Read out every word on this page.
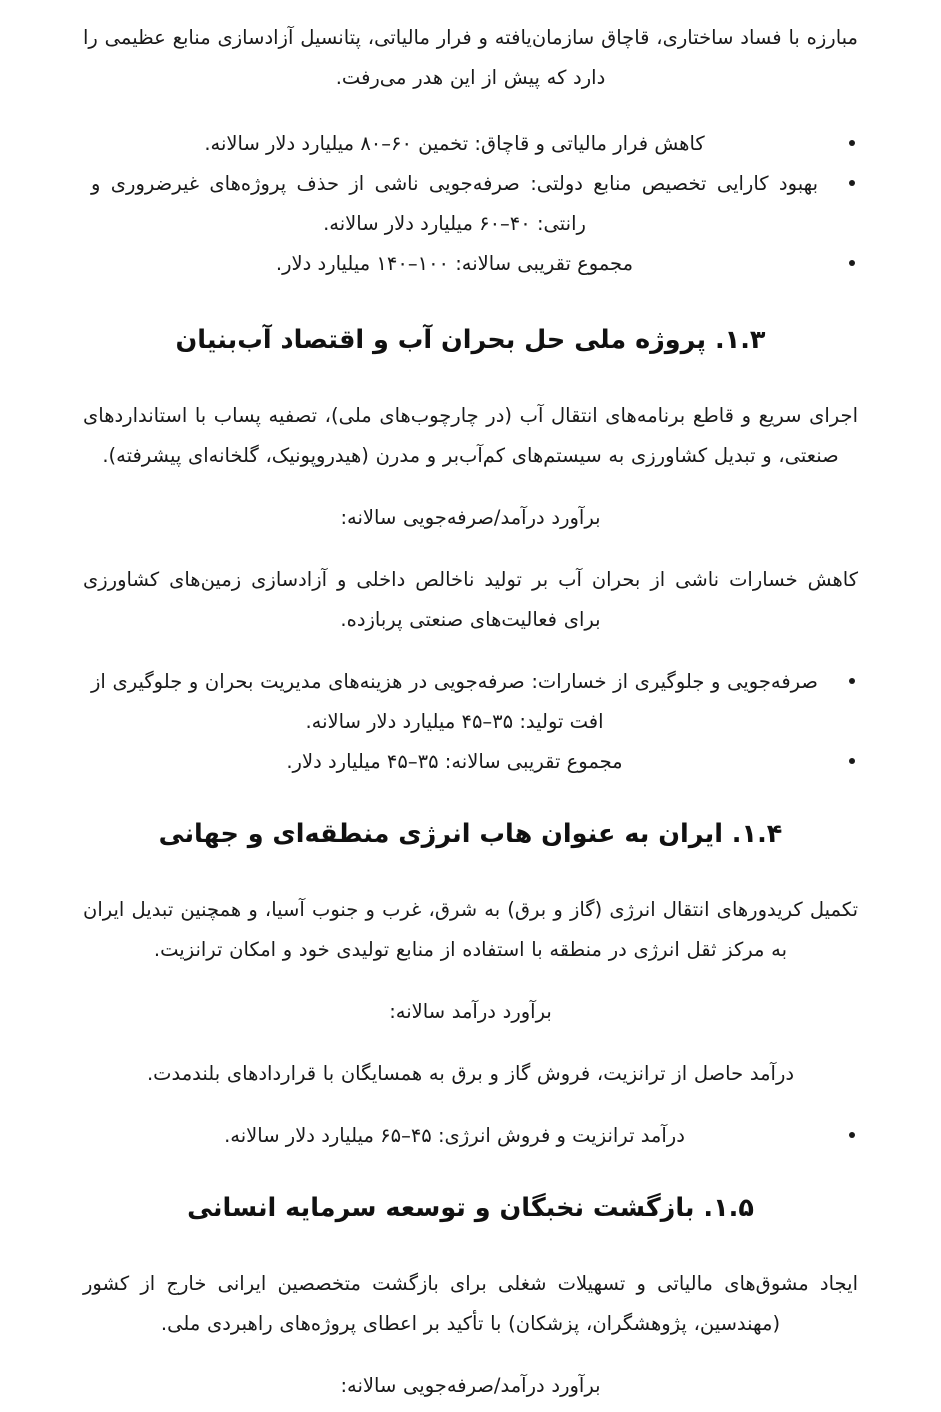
مبارزه با فساد ساختاری، قاچاق سازمان‌یافته و فرار مالیاتی، پتانسیل آزادسازی منابع عظیمی را دارد که پیش از این هدر می‌رفت.

کاهش فرار مالیاتی و قاچاق: تخمین ۶۰–۸۰ میلیارد دلار سالانه.
بهبود کارایی تخصیص منابع دولتی: صرفه‌جویی ناشی از حذف پروژه‌های غیرضروری و رانتی: ۴۰–۶۰ میلیارد دلار سالانه.
مجموع تقریبی سالانه: ۱۰۰–۱۴۰ میلیارد دلار.
۱.۳. پروژه ملی حل بحران آب و اقتصاد آب‌بنیان

اجرای سریع و قاطع برنامه‌های انتقال آب (در چارچوب‌های ملی)، تصفیه پساب با استانداردهای صنعتی، و تبدیل کشاورزی به سیستم‌های کم‌آب‌بر و مدرن (هیدروپونیک، گلخانه‌ای پیشرفته).

برآورد درآمد/صرفه‌جویی سالانه:

کاهش خسارات ناشی از بحران آب بر تولید ناخالص داخلی و آزادسازی زمین‌های کشاورزی برای فعالیت‌های صنعتی پربازده.

صرفه‌جویی و جلوگیری از خسارات: صرفه‌جویی در هزینه‌های مدیریت بحران و جلوگیری از افت تولید: ۳۵–۴۵ میلیارد دلار سالانه.
مجموع تقریبی سالانه: ۳۵–۴۵ میلیارد دلار.
۱.۴. ایران به عنوان هاب انرژی منطقه‌ای و جهانی

تکمیل کریدورهای انتقال انرژی (گاز و برق) به شرق، غرب و جنوب آسیا، و همچنین تبدیل ایران به مرکز ثقل انرژی در منطقه با استفاده از منابع تولیدی خود و امکان ترانزیت.

برآورد درآمد سالانه:

درآمد حاصل از ترانزیت، فروش گاز و برق به همسایگان با قراردادهای بلندمدت.

درآمد ترانزیت و فروش انرژی: ۴۵–۶۵ میلیارد دلار سالانه.
۱.۵. بازگشت نخبگان و توسعه سرمایه انسانی

ایجاد مشوق‌های مالیاتی و تسهیلات شغلی برای بازگشت متخصصین ایرانی خارج از کشور (مهندسین، پژوهشگران، پزشکان) با تأکید بر اعطای پروژه‌های راهبردی ملی.

برآورد درآمد/صرفه‌جویی سالانه:
